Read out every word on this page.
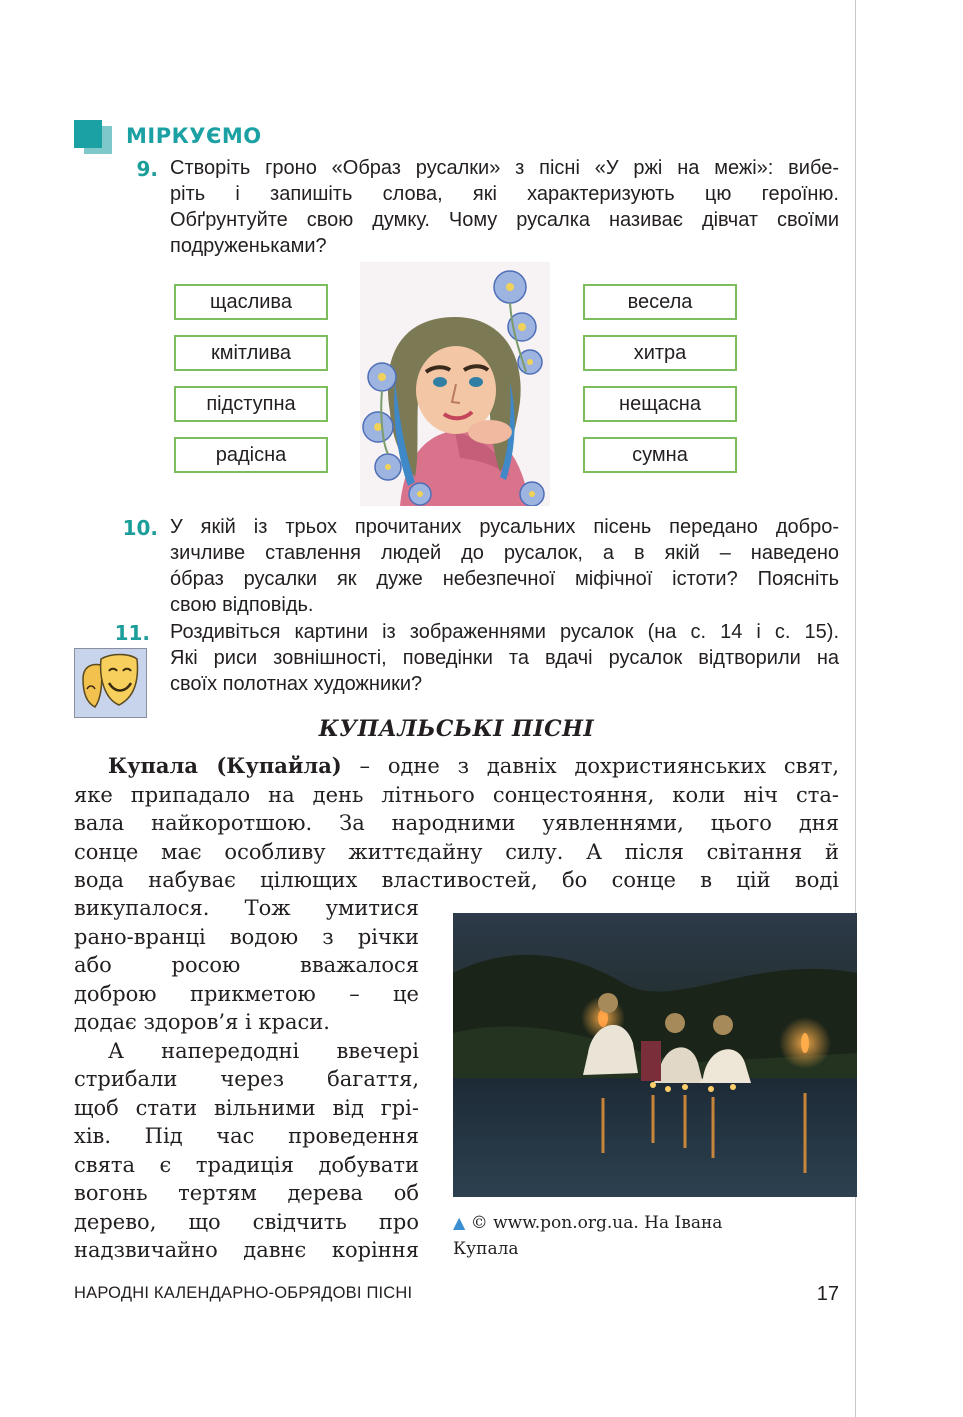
МІРКУЄМО
9. Створіть гроно «Образ русалки» з пісні «У ржі на межі»: вибе-
ріть і запишіть слова, які характеризують цю героїню.
Обґрунтуйте свою думку. Чому русалка називає дівчат своїми
подруженьками?
щаслива
кмітлива
підступна
радісна
весела
хитра
нещасна
сумна
10. У якій із трьох прочитаних русальних пісень передано добро-
зичливе ставлення людей до русалок, а в якій – наведено
óбраз русалки як дуже небезпечної міфічної істоти? Поясніть
свою відповідь.
11. Роздивіться картини із зображеннями русалок (на с. 14 і с. 15).
Які риси зовнішності, поведінки та вдачі русалок відтворили на
своїх полотнах художники?
КУПАЛЬСЬКІ ПІСНІ
Купала (Купайла) – одне з давніх дохристиянських свят,
яке припадало на день літнього сонцестояння, коли ніч ста-
вала найкоротшою. За народними уявленнями, цього дня
сонце має особливу життєдайну силу. А після світання й
вода набуває цілющих властивостей, бо сонце в цій воді
викупалося. Тож умитися
рано-вранці водою з річки
або росою вважалося
доброю прикметою – це
додає здоров’я і краси.
А напередодні ввечері
стрибали через багаття,
щоб стати вільними від грі-
хів. Під час проведення
свята є традиція добувати
вогонь тертям дерева об
дерево, що свідчить про
надзвичайно давнє коріння
▲ © www.pon.org.ua. На Івана
Купала
НАРОДНІ КАЛЕНДАРНО-ОБРЯДОВІ ПІСНІ	17
